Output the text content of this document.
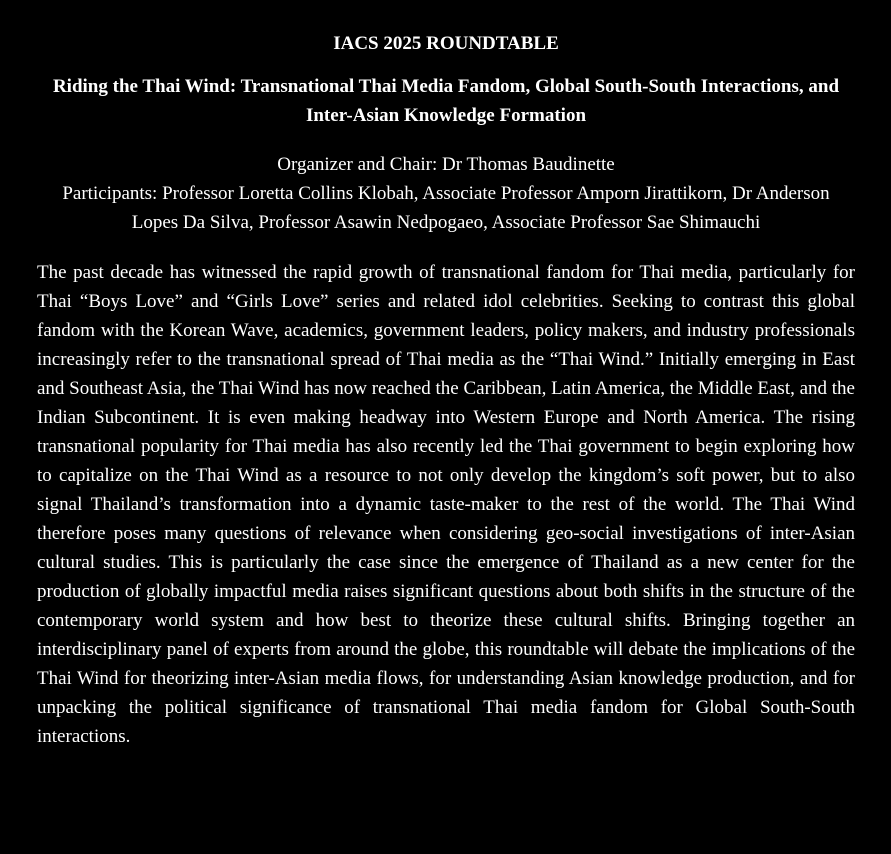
IACS 2025 ROUNDTABLE
Riding the Thai Wind: Transnational Thai Media Fandom, Global South-South Interactions, and Inter-Asian Knowledge Formation
Organizer and Chair: Dr Thomas Baudinette
Participants: Professor Loretta Collins Klobah, Associate Professor Amporn Jirattikorn, Dr Anderson Lopes Da Silva, Professor Asawin Nedpogaeo, Associate Professor Sae Shimauchi

The past decade has witnessed the rapid growth of transnational fandom for Thai media, particularly for Thai “Boys Love” and “Girls Love” series and related idol celebrities. Seeking to contrast this global fandom with the Korean Wave, academics, government leaders, policy makers, and industry professionals increasingly refer to the transnational spread of Thai media as the “Thai Wind.” Initially emerging in East and Southeast Asia, the Thai Wind has now reached the Caribbean, Latin America, the Middle East, and the Indian Subcontinent. It is even making headway into Western Europe and North America. The rising transnational popularity for Thai media has also recently led the Thai government to begin exploring how to capitalize on the Thai Wind as a resource to not only develop the kingdom’s soft power, but to also signal Thailand’s transformation into a dynamic taste-maker to the rest of the world. The Thai Wind therefore poses many questions of relevance when considering geo-social investigations of inter-Asian cultural studies. This is particularly the case since the emergence of Thailand as a new center for the production of globally impactful media raises significant questions about both shifts in the structure of the contemporary world system and how best to theorize these cultural shifts. Bringing together an interdisciplinary panel of experts from around the globe, this roundtable will debate the implications of the Thai Wind for theorizing inter-Asian media flows, for understanding Asian knowledge production, and for unpacking the political significance of transnational Thai media fandom for Global South-South interactions.
